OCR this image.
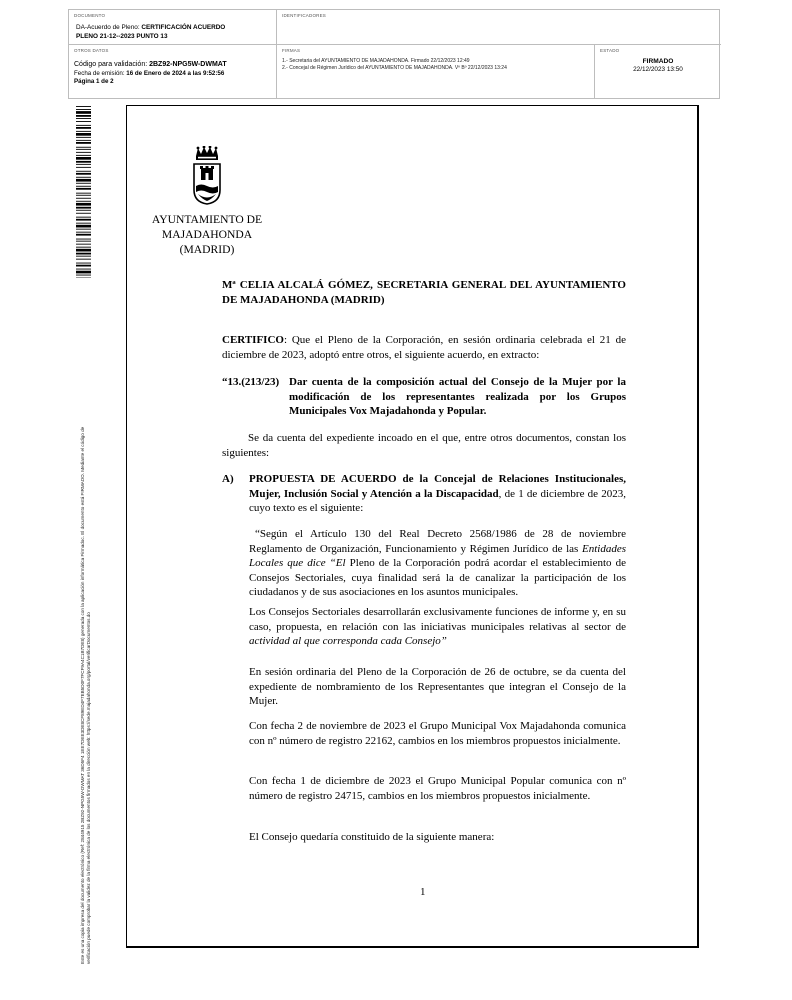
DOCUMENTO
DA-Acuerdo de Pleno: CERTIFICACIÓN ACUERDO
PLENO 21-12--2023 PUNTO 13
IDENTIFICADORES
OTROS DATOS
Código para validación: 2BZ92-NPG5W-DWMAT
Fecha de emisión: 16 de Enero de 2024 a las 9:52:56
Página 1 de 2
FIRMAS
1.- Secretaria del AYUNTAMIENTO DE MAJADAHONDA. Firmado 22/12/2023 12:49
2.- Concejal de Régimen Jurídico del AYUNTAMIENTO DE MAJADAHONDA. Vº Bº 22/12/2023 13:24
ESTADO
FIRMADO
22/12/2023 13:50
Este es una copia impresa del documento electrónico (Ref: 2844915 2BZ92-NPG5W-DWMAT 36D5F4 1EE7DEE3DE8CF89ED4F7EB5D0F7FCF9A4C1B7DE8) generada con la aplicación informática Firmadoc. El documento está FIRMADO. Mediante el código de verificación puede comprobar la validez de la firma electrónica de los documentos firmados en la dirección web: https://sede.majadahonda.org/portal/verificarDocumentos.do
AYUNTAMIENTO DE
MAJADAHONDA
(MADRID)
Mª CELIA ALCALÁ GÓMEZ, SECRETARIA GENERAL DEL AYUNTAMIENTO DE MAJADAHONDA (MADRID)
CERTIFICO: Que el Pleno de la Corporación, en sesión ordinaria celebrada el 21 de diciembre de 2023, adoptó entre otros, el siguiente acuerdo, en extracto:
“13.(213/23) Dar cuenta de la composición actual del Consejo de la Mujer por la modificación de los representantes realizada por los Grupos Municipales Vox Majadahonda y Popular.
Se da cuenta del expediente incoado en el que, entre otros documentos, constan los siguientes:
A) PROPUESTA DE ACUERDO de la Concejal de Relaciones Institucionales, Mujer, Inclusión Social y Atención a la Discapacidad, de 1 de diciembre de 2023, cuyo texto es el siguiente:
“Según el Artículo 130 del Real Decreto 2568/1986 de 28 de noviembre Reglamento de Organización, Funcionamiento y Régimen Jurídico de las Entidades Locales que dice “El Pleno de la Corporación podrá acordar el establecimiento de Consejos Sectoriales, cuya finalidad será la de canalizar la participación de los ciudadanos y de sus asociaciones en los asuntos municipales.
Los Consejos Sectoriales desarrollarán exclusivamente funciones de informe y, en su caso, propuesta, en relación con las iniciativas municipales relativas al sector de actividad al que corresponda cada Consejo”
En sesión ordinaria del Pleno de la Corporación de 26 de octubre, se da cuenta del expediente de nombramiento de los Representantes que integran el Consejo de la Mujer.
Con fecha 2 de noviembre de 2023 el Grupo Municipal Vox Majadahonda comunica con nº número de registro 22162, cambios en los miembros propuestos inicialmente.
Con fecha 1 de diciembre de 2023 el Grupo Municipal Popular comunica con nº número de registro 24715, cambios en los miembros propuestos inicialmente.
El Consejo quedaría constituido de la siguiente manera:
1
